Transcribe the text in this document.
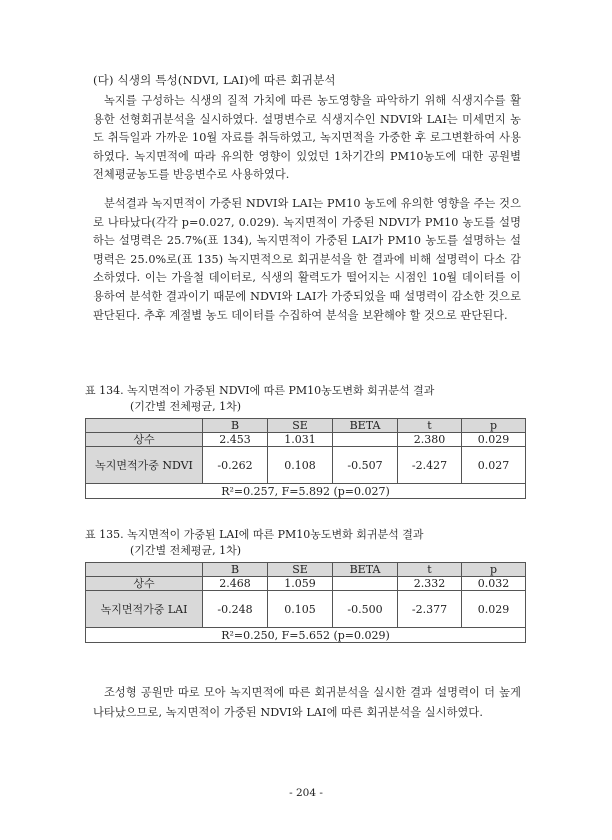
(다) 식생의 특성(NDVI, LAI)에 따른 회귀분석
녹지를 구성하는 식생의 질적 가치에 따른 농도영향을 파악하기 위해 식생지수를 활용한 선형회귀분석을 실시하였다. 설명변수로 식생지수인 NDVI와 LAI는 미세먼지 농도 취득일과 가까운 10월 자료를 취득하였고, 녹지면적을 가중한 후 로그변환하여 사용하였다. 녹지면적에 따라 유의한 영향이 있었던 1차기간의 PM10농도에 대한 공원별 전체평균농도를 반응변수로 사용하였다.
분석결과 녹지면적이 가중된 NDVI와 LAI는 PM10 농도에 유의한 영향을 주는 것으로 나타났다(각각 p=0.027, 0.029). 녹지면적이 가중된 NDVI가 PM10 농도를 설명하는 설명력은 25.7%(표 134), 녹지면적이 가중된 LAI가 PM10 농도를 설명하는 설명력은 25.0%로(표 135) 녹지면적으로 회귀분석을 한 결과에 비해 설명력이 다소 감소하였다. 이는 가을철 데이터로, 식생의 활력도가 떨어지는 시점인 10월 데이터를 이용하여 분석한 결과이기 때문에 NDVI와 LAI가 가중되었을 때 설명력이 감소한 것으로 판단된다. 추후 계절별 농도 데이터를 수집하여 분석을 보완해야 할 것으로 판단된다.
표 134. 녹지면적이 가중된 NDVI에 따른 PM10농도변화 회귀분석 결과
(기간별 전체평균, 1차)
	B	SE	BETA	t	p
상수	2.453	1.031		2.380	0.029
녹지면적가중 NDVI	-0.262	0.108	-0.507	-2.427	0.027
R²=0.257, F=5.892 (p=0.027)					
표 135. 녹지면적이 가중된 LAI에 따른 PM10농도변화 회귀분석 결과
(기간별 전체평균, 1차)
	B	SE	BETA	t	p
상수	2.468	1.059		2.332	0.032
녹지면적가중 LAI	-0.248	0.105	-0.500	-2.377	0.029
R²=0.250, F=5.652 (p=0.029)					
조성형 공원만 따로 모아 녹지면적에 따른 회귀분석을 실시한 결과 설명력이 더 높게 나타났으므로, 녹지면적이 가중된 NDVI와 LAI에 따른 회귀분석을 실시하였다.
- 204 -
